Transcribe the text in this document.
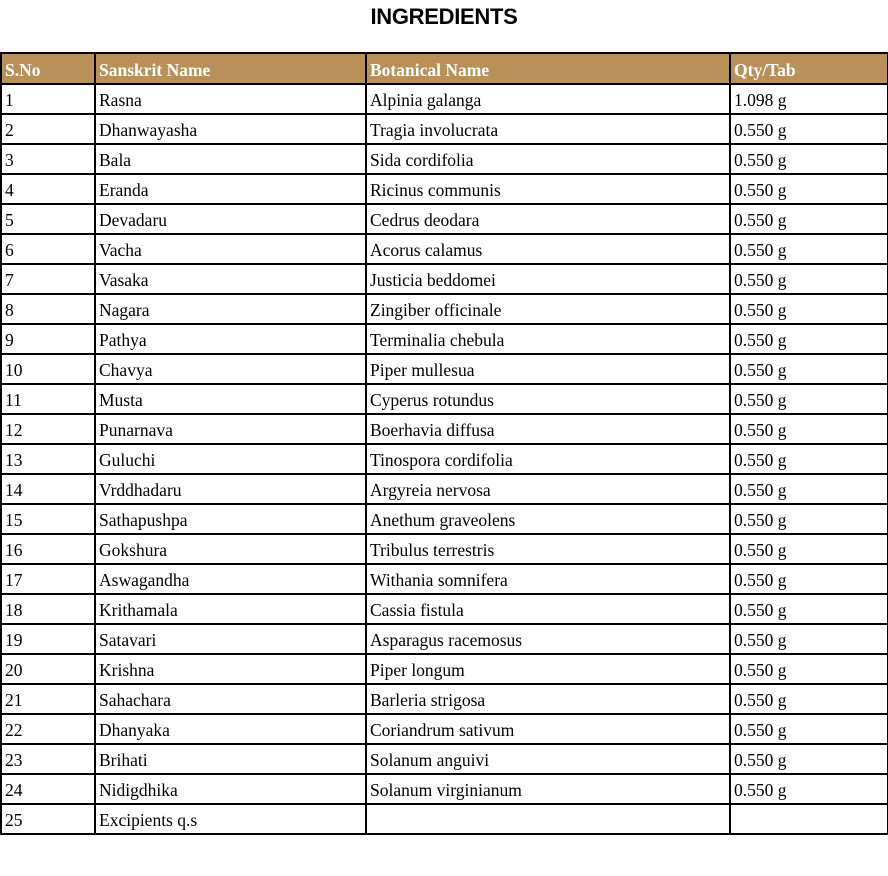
INGREDIENTS
S.No	Sanskrit Name	Botanical Name	Qty/Tab
1	Rasna	Alpinia galanga	1.098 g
2	Dhanwayasha	Tragia involucrata	0.550 g
3	Bala	Sida cordifolia	0.550 g
4	Eranda	Ricinus communis	0.550 g
5	Devadaru	Cedrus deodara	0.550 g
6	Vacha	Acorus calamus	0.550 g
7	Vasaka	Justicia beddomei	0.550 g
8	Nagara	Zingiber officinale	0.550 g
9	Pathya	Terminalia chebula	0.550 g
10	Chavya	Piper mullesua	0.550 g
11	Musta	Cyperus rotundus	0.550 g
12	Punarnava	Boerhavia diffusa	0.550 g
13	Guluchi	Tinospora cordifolia	0.550 g
14	Vrddhadaru	Argyreia nervosa	0.550 g
15	Sathapushpa	Anethum graveolens	0.550 g
16	Gokshura	Tribulus terrestris	0.550 g
17	Aswagandha	Withania somnifera	0.550 g
18	Krithamala	Cassia fistula	0.550 g
19	Satavari	Asparagus racemosus	0.550 g
20	Krishna	Piper longum	0.550 g
21	Sahachara	Barleria strigosa	0.550 g
22	Dhanyaka	Coriandrum sativum	0.550 g
23	Brihati	Solanum anguivi	0.550 g
24	Nidigdhika	Solanum virginianum	0.550 g
25	Excipients q.s		
